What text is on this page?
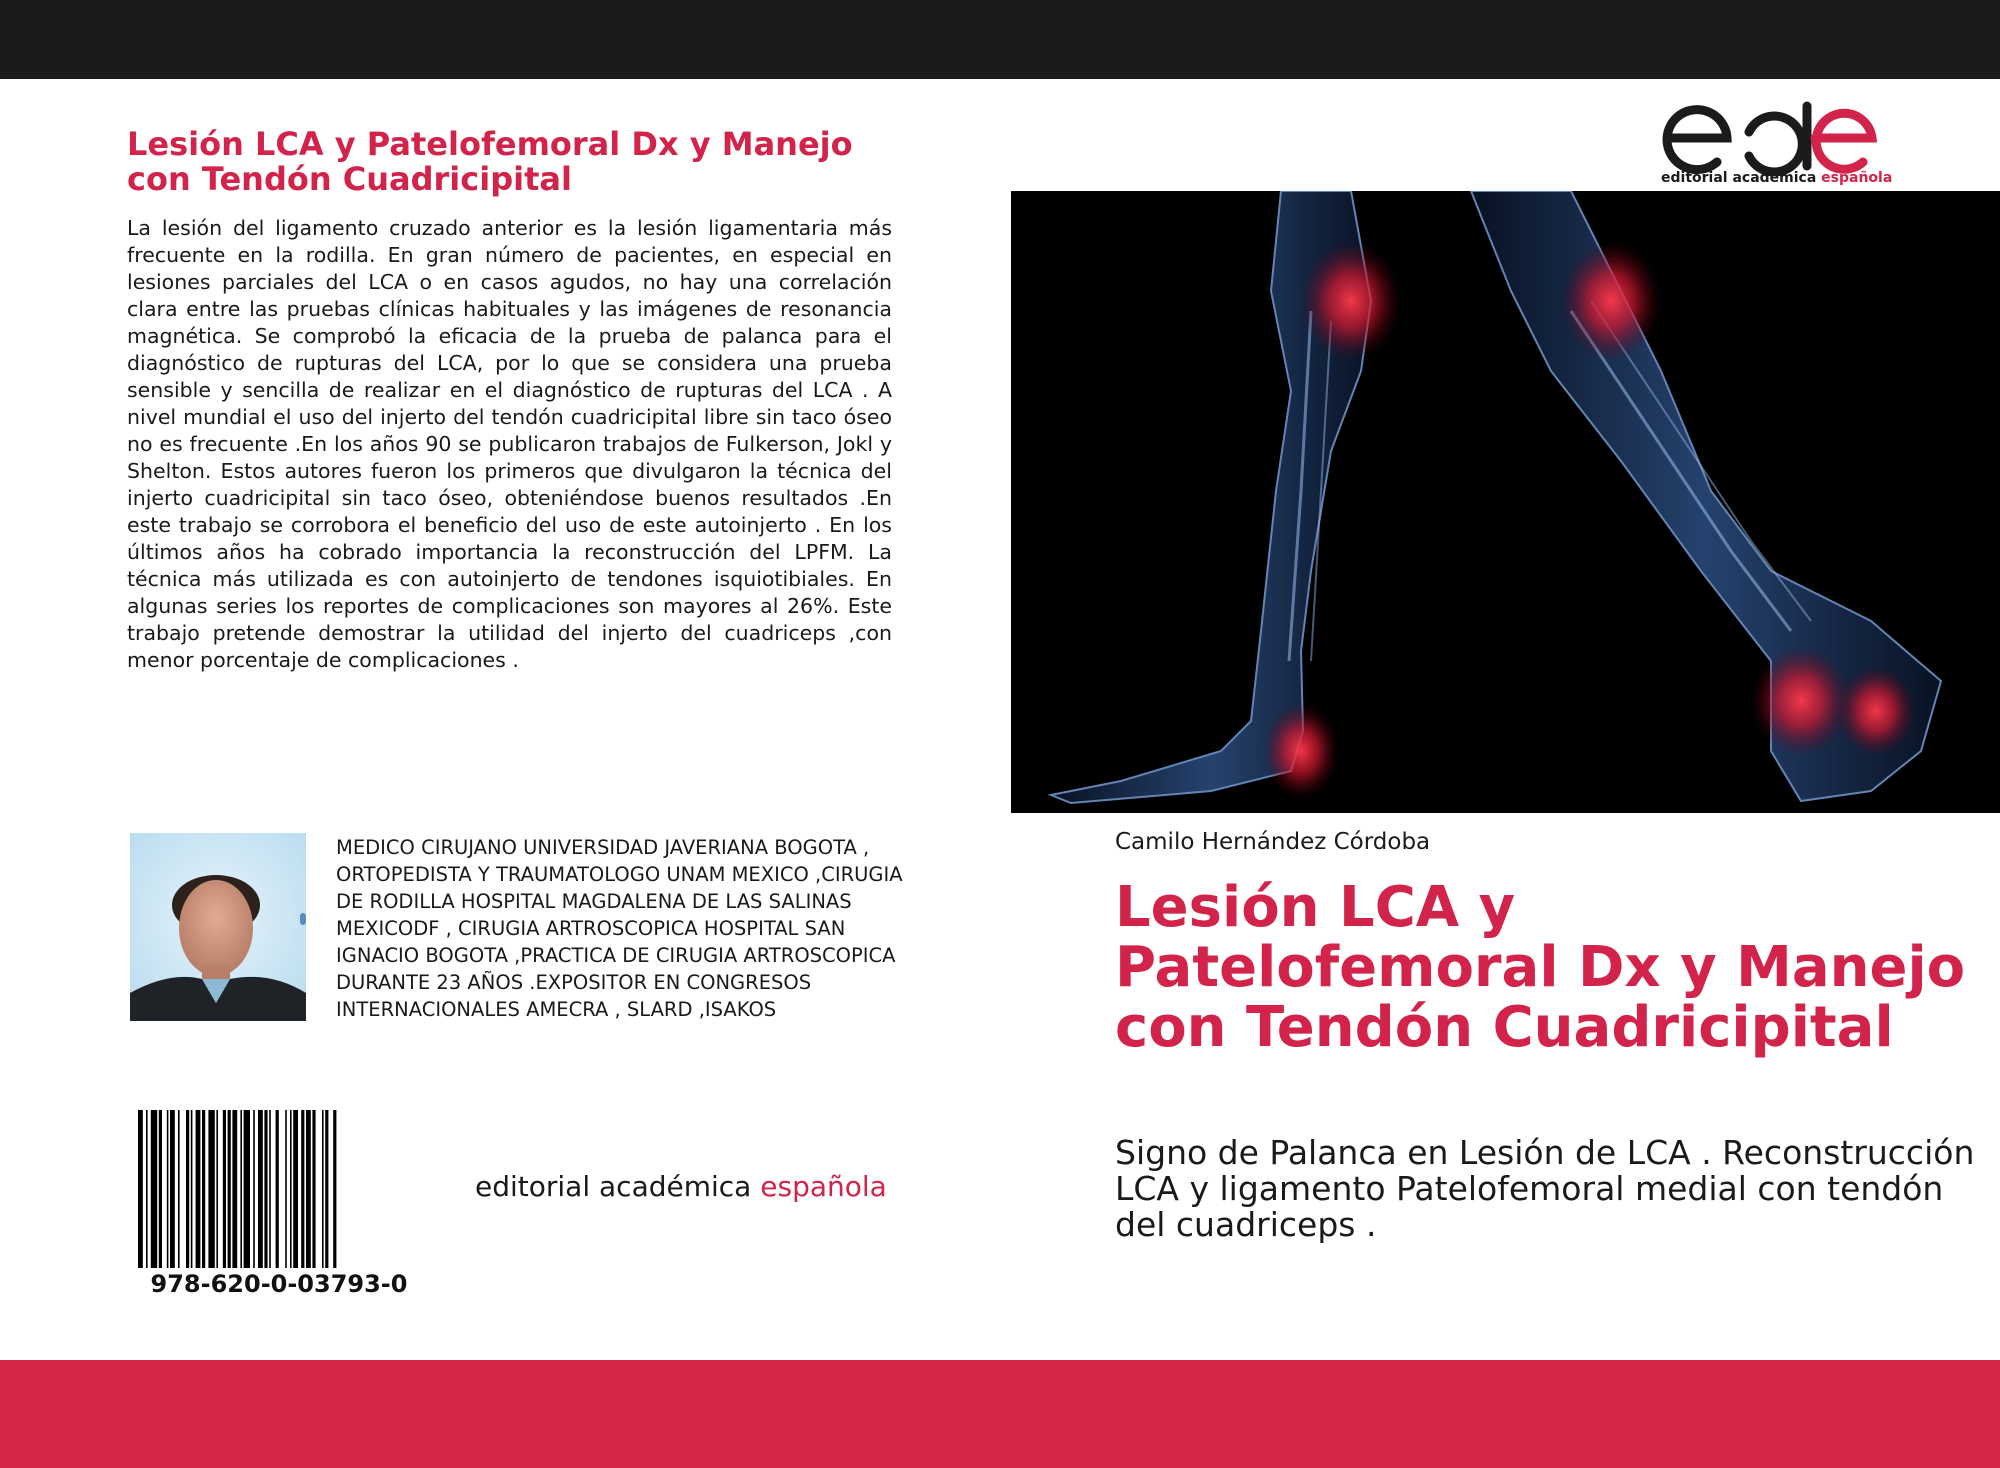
Lesión LCA y Patelofemoral Dx y Manejo con Tendón Cuadricipital

La lesión del ligamento cruzado anterior es la lesión ligamentaria más frecuente en la rodilla. En gran número de pacientes, en especial en lesiones parciales del LCA o en casos agudos, no hay una correlación clara entre las pruebas clínicas habituales y las imágenes de resonancia magnética. Se comprobó la eficacia de la prueba de palanca para el diagnóstico de rupturas del LCA, por lo que se considera una prueba sensible y sencilla de realizar en el diagnóstico de rupturas del LCA . A nivel mundial el uso del injerto del tendón cuadricipital libre sin taco óseo no es frecuente .En los años 90 se publicaron trabajos de Fulkerson, Jokl y Shelton. Estos autores fueron los primeros que divulgaron la técnica del injerto cuadricipital sin taco óseo, obteniéndose buenos resultados .En este trabajo se corrobora el beneficio del uso de este autoinjerto . En los últimos años ha cobrado importancia la reconstrucción del LPFM. La técnica más utilizada es con autoinjerto de tendones isquiotibiales. En algunas series los reportes de complicaciones son mayores al 26%. Este trabajo pretende demostrar la utilidad del injerto del cuadriceps ,con menor porcentaje de complicaciones .

MEDICO CIRUJANO UNIVERSIDAD JAVERIANA BOGOTA , ORTOPEDISTA Y TRAUMATOLOGO UNAM MEXICO ,CIRUGIA DE RODILLA HOSPITAL MAGDALENA DE LAS SALINAS MEXICODF , CIRUGIA ARTROSCOPICA HOSPITAL SAN IGNACIO BOGOTA ,PRACTICA DE CIRUGIA ARTROSCOPICA DURANTE 23 AÑOS .EXPOSITOR EN CONGRESOS INTERNACIONALES AMECRA , SLARD ,ISAKOS

978-620-0-03793-0
editorial académica española
editorial académica española
Camilo Hernández Córdoba
Lesión LCA y Patelofemoral Dx y Manejo con Tendón Cuadricipital

Signo de Palanca en Lesión de LCA . Reconstrucción LCA y ligamento Patelofemoral medial con tendón del cuadriceps .
